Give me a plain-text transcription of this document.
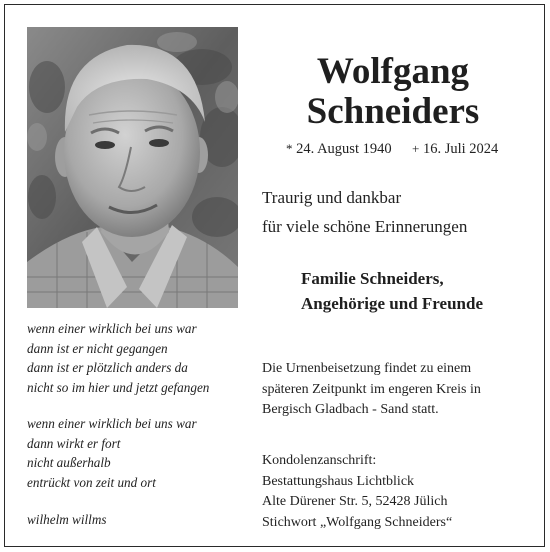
Wolfgang
Schneiders
* 24. August 1940 + 16. Juli 2024
Traurig und dankbar
für viele schöne Erinnerungen
Familie Schneiders,
Angehörige und Freunde
wenn einer wirklich bei uns war
dann ist er nicht gegangen
dann ist er plötzlich anders da
nicht so im hier und jetzt gefangen
wenn einer wirklich bei uns war
dann wirkt er fort
nicht außerhalb
entrückt von zeit und ort
wilhelm willms
Die Urnenbeisetzung findet zu einem
späteren Zeitpunkt im engeren Kreis in
Bergisch Gladbach - Sand statt.
Kondolenzanschrift:
Bestattungshaus Lichtblick
Alte Dürener Str. 5, 52428 Jülich
Stichwort „Wolfgang Schneiders“
